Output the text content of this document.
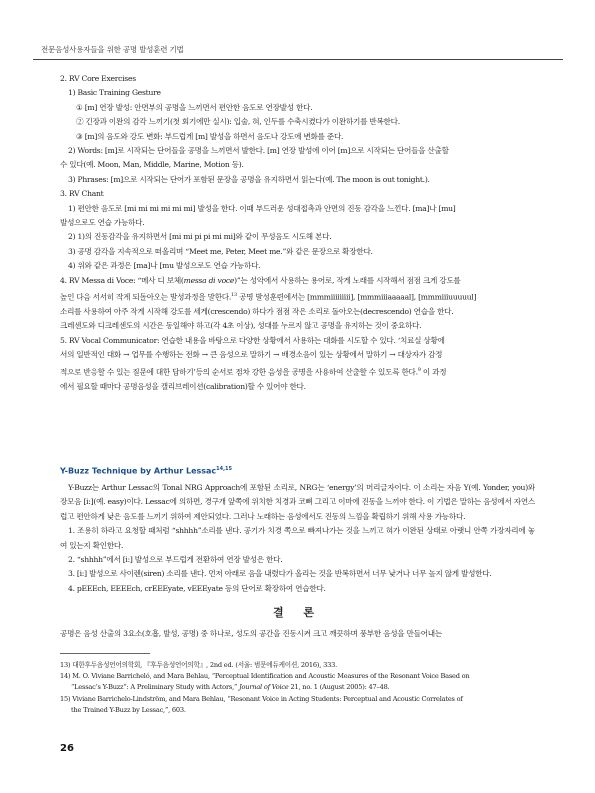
전문음성사용자들을 위한 공명 발성훈련 기법

2. RV Core Exercises

1) Basic Training Gesture

① [m] 연장 발성: 안면부의 공명을 느끼면서 편안한 음도로 연장발성 한다.

② 긴장과 이완의 감각 느끼기(첫 회기에만 실시): 입술, 혀, 인두를 수축시켰다가 이완하기를 반복한다.

③ [m]의 음도와 강도 변화: 부드럽게 [m] 발성을 하면서 음도나 강도에 변화를 준다.

2) Words: [m]로 시작되는 단어들을 공명을 느끼면서 발한다. [m] 연장 발성에 이어 [m]으로 시작되는 단어들을 산출할

수 있다(예. Moon, Man, Middle, Marine, Motion 등).

3) Phrases: [m]으로 시작되는 단어가 포함된 문장을 공명을 유지하면서 읽는다(예. The moon is out tonight.).

3. RV Chant

1) 편안한 음도로 [mi mi mi mi mi mi] 발성을 한다. 이때 부드러운 성대접촉과 안면의 진동 감각을 느낀다. [ma]나 [mu]

발성으로도 연습 가능하다.

2) 1)의 진동감각을 유지하면서 [mi mi pi pi mi mi]와 같이 무성음도 시도해 본다.

3) 공명 감각을 지속적으로 떠올리며 “Meet me, Peter, Meet me.”와 같은 문장으로 확장한다.

4) 위와 같은 과정은 [ma]나 [mu 발성으로도 연습 가능하다.

4. RV Messa di Voce: “메사 디 보체(messa di voce)”는 성악에서 사용하는 용어로, 작게 노래를 시작해서 점점 크게 강도를

높인 다음 서서히 작게 되돌아오는 발성과정을 말한다.$^{13}$ 공명 발성훈련에서는 [mmmiiiiiiiii], [mmmiiiaaaaal], [mmmiiiuuuuul]

소리를 사용하여 아주 작게 시작해 강도를 세게(crescendo) 하다가 점점 작은 소리로 돌아오는(decrescendo) 연습을 한다.

크레센도와 디크레센도의 시간은 동일해야 하고(각 4초 이상), 성대를 누르지 않고 공명을 유지하는 것이 중요하다.

5. RV Vocal Communicator: 연습한 내용을 바탕으로 다양한 상황에서 사용하는 대화를 시도할 수 있다. ‘치료실 상황에

서의 일반적인 대화 → 업무를 수행하는 전화 → 큰 음성으로 말하기 → 배경소음이 있는 상황에서 말하기 → 대상자가 감정

적으로 반응할 수 있는 질문에 대한 답하기’등의 순서로 점차 강한 음성을 공명을 사용하여 산출할 수 있도록 한다.$^9$ 이 과정

에서 필요할 때마다 공명음성을 캘리브레이션(calibration)할 수 있어야 한다.

Y-Buzz Technique by Arthur Lessac$^{14,15}$

Y-Buzz는 Arthur Lessac의 Tonal NRG Approach에 포함된 소리로, NRG는 ‘energy’의 머리글자이다. 이 소리는 자음 Y(예. Yonder, you)와 장모음 [i:](예. easy)이다. Lessac에 의하면, 경구개 앞쪽에 위치한 치경과 코뼈 그리고 이마에 진동을 느끼야 한다. 이 기법은 말하는 음성에서 자연스럽고 편안하게 낮은 음도를 느끼기 위하여 제안되었다. 그러나 노래하는 음성에서도 진동의 느낌을 확립하기 위해 사용 가능하다.

1. 조용히 하라고 요청할 때처럼 “shhhh”소리를 낸다. 공기가 치경 쪽으로 빠져나가는 것을 느끼고 혀가 이완된 상태로 아랫니 안쪽 가장자리에 놓여 있는지 확인한다.

2. “shhhh”에서 [i:] 발성으로 부드럽게 전환하여 연장 발성은 한다.

3. [i:] 발성으로 사이렌(siren) 소리를 낸다. 먼저 아래로 음을 내렸다가 올리는 것을 반복하면서 너무 낮거나 너무 높지 않게 발성한다.

4. pEEEch, EEEEch, crEEEyate, vEEEyate 등의 단어로 확장하여 연습한다.

결 론
공명은 음성 산출의 3요소(호흡, 발성, 공명) 중 하나로, 성도의 공간을 진동시켜 크고 깨끗하며 풍부한 음성을 만들어내는

13) 대한후두음성언어의학회, 『후두음성언어의학』, 2nd ed. (서울: 범문에듀케이션, 2016), 333.

14) M. O. Viviane Barricheló, and Mara Behlau, “Perceptual Identification and Acoustic Measures of the Resonant Voice Based on

“Lessac’s Y-Buzz”: A Preliminary Study with Actors,” Journal of Voice 21, no. 1 (August 2005): 47–48.

15) Viviane Barrichelo-Lindström, and Mara Behlau, “Resonant Voice in Acting Students: Perceptual and Acoustic Correlates of

the Trained Y-Buzz by Lessac,”, 603.

26
